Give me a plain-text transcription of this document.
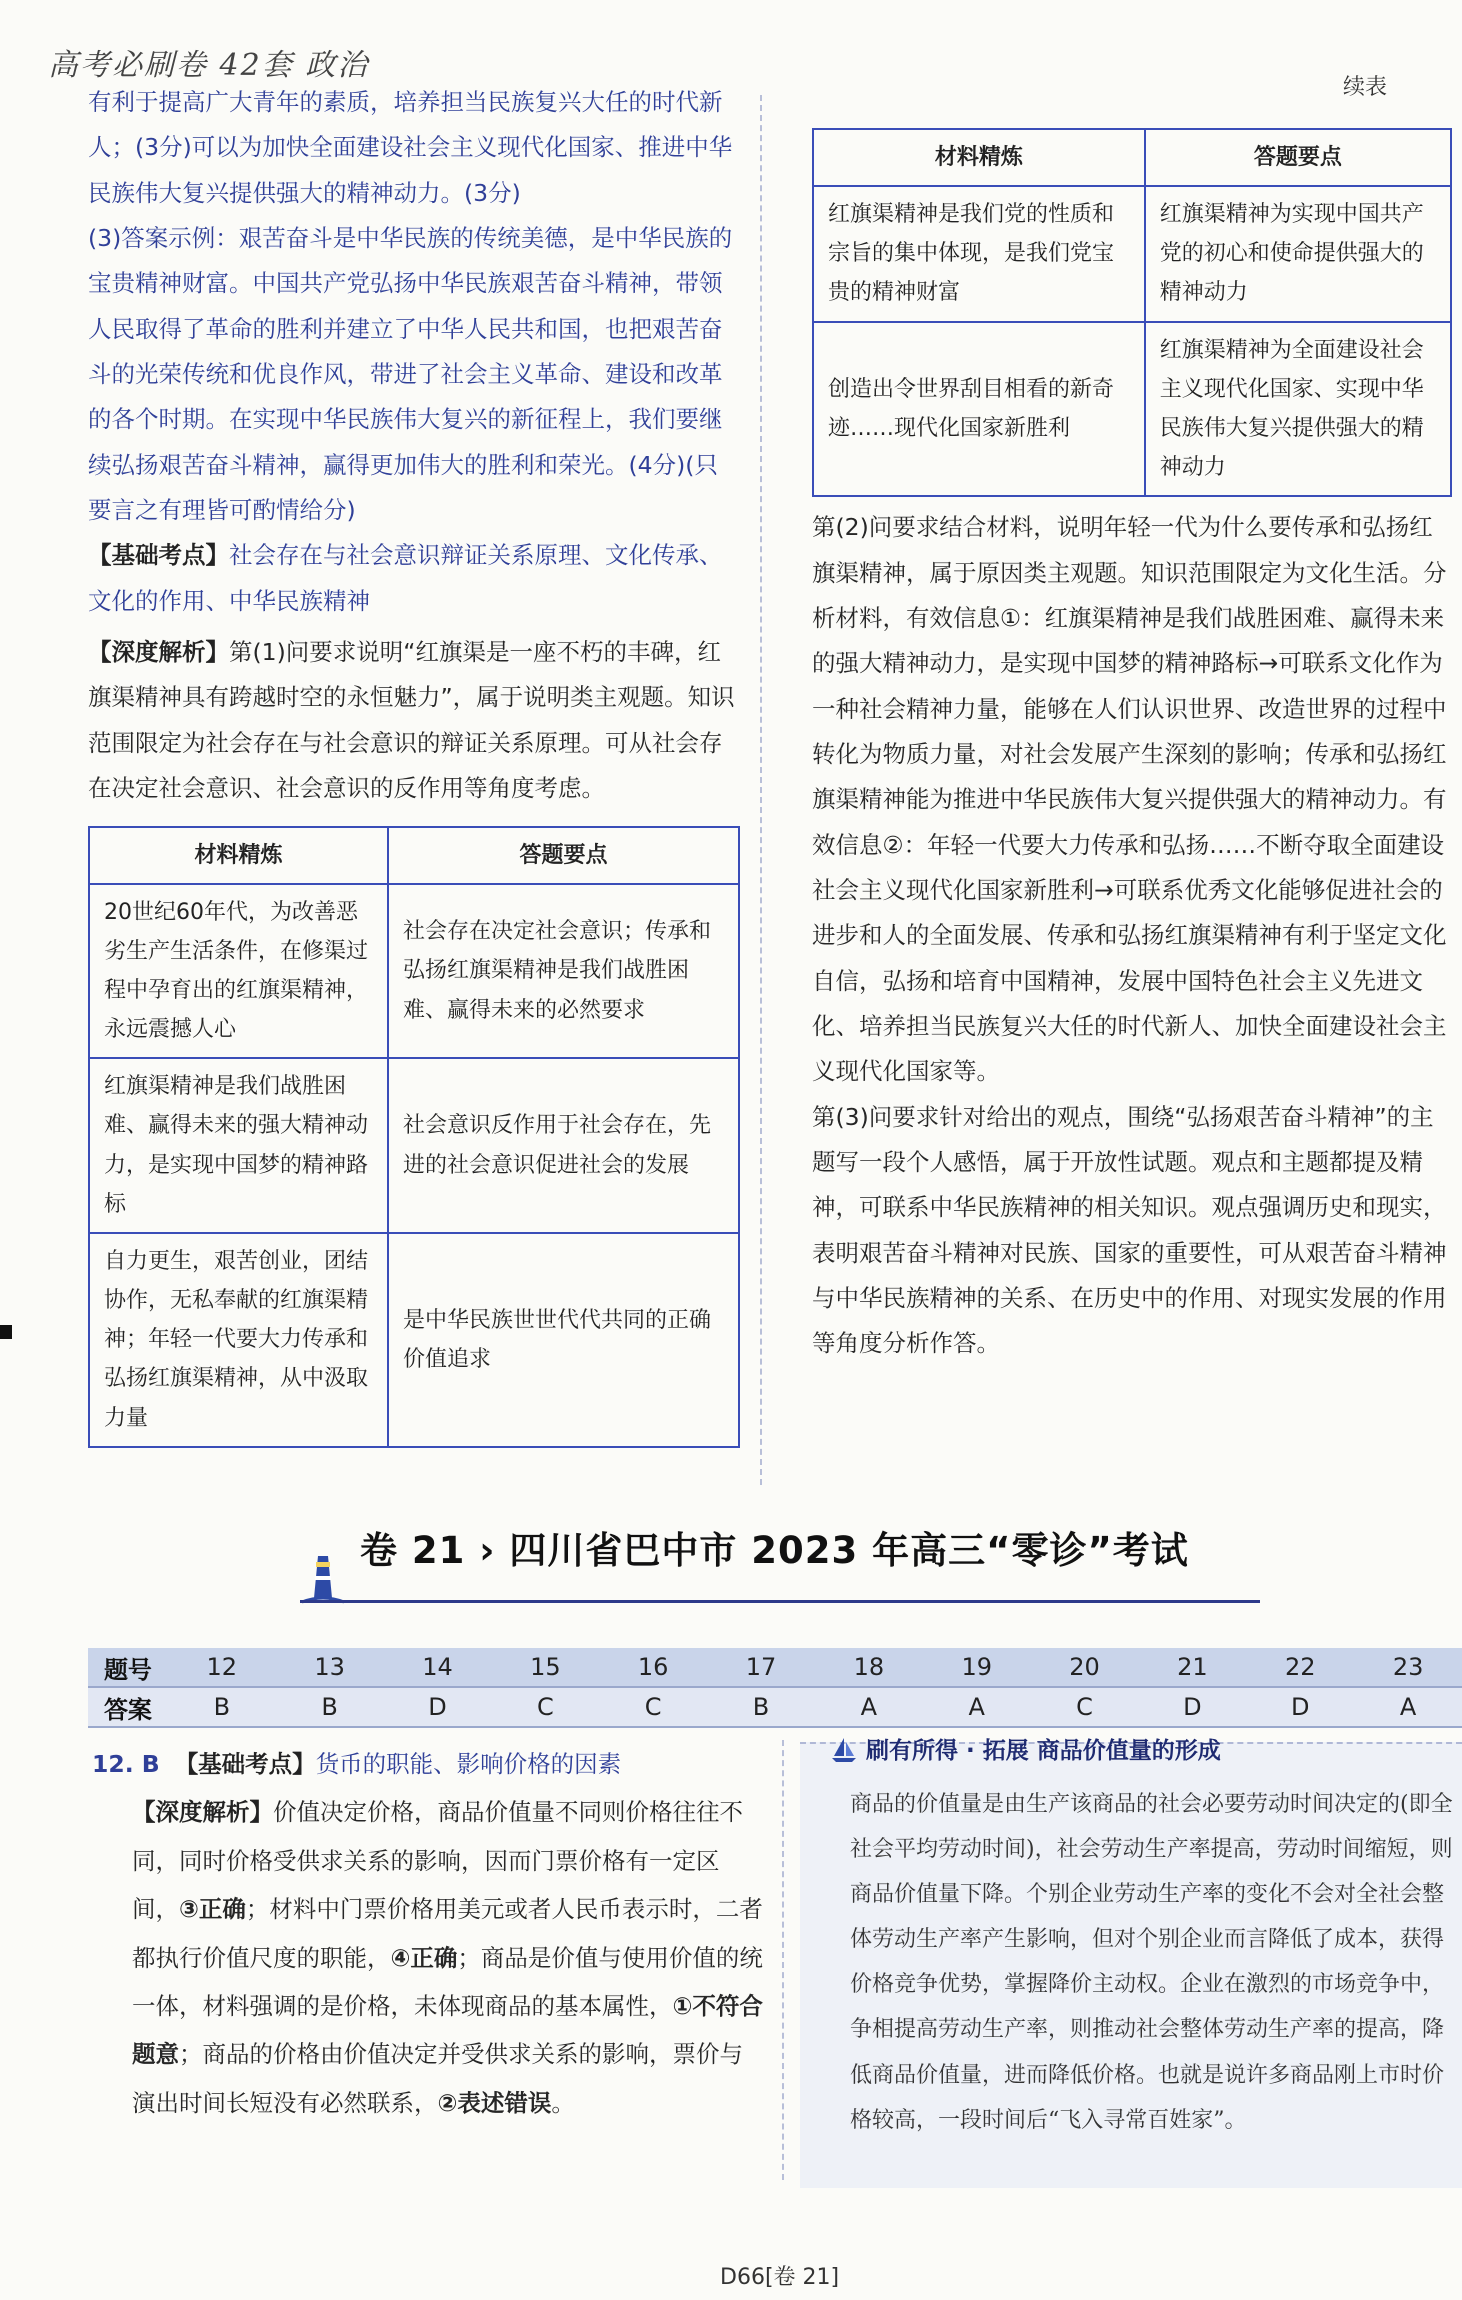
高考必刷卷 42套 政治
续表

有利于提高广大青年的素质，培养担当民族复兴大任的时代新人；(3分)可以为加快全面建设社会主义现代化国家、推进中华民族伟大复兴提供强大的精神动力。(3分)

(3)答案示例：艰苦奋斗是中华民族的传统美德，是中华民族的宝贵精神财富。中国共产党弘扬中华民族艰苦奋斗精神，带领人民取得了革命的胜利并建立了中华人民共和国，也把艰苦奋斗的光荣传统和优良作风，带进了社会主义革命、建设和改革的各个时期。在实现中华民族伟大复兴的新征程上，我们要继续弘扬艰苦奋斗精神，赢得更加伟大的胜利和荣光。(4分)(只要言之有理皆可酌情给分)

【基础考点】社会存在与社会意识辩证关系原理、文化传承、文化的作用、中华民族精神

【深度解析】第(1)问要求说明“红旗渠是一座不朽的丰碑，红旗渠精神具有跨越时空的永恒魅力”，属于说明类主观题。知识范围限定为社会存在与社会意识的辩证关系原理。可从社会存在决定社会意识、社会意识的反作用等角度考虑。

材料精炼	答题要点
20世纪60年代，为改善恶劣生产生活条件，在修渠过程中孕育出的红旗渠精神，永远震撼人心	社会存在决定社会意识；传承和弘扬红旗渠精神是我们战胜困难、赢得未来的必然要求
红旗渠精神是我们战胜困难、赢得未来的强大精神动力，是实现中国梦的精神路标	社会意识反作用于社会存在，先进的社会意识促进社会的发展
自力更生，艰苦创业，团结协作，无私奉献的红旗渠精神；年轻一代要大力传承和弘扬红旗渠精神，从中汲取力量	是中华民族世世代代共同的正确价值追求
材料精炼	答题要点
红旗渠精神是我们党的性质和宗旨的集中体现，是我们党宝贵的精神财富	红旗渠精神为实现中国共产党的初心和使命提供强大的精神动力
创造出令世界刮目相看的新奇迹……现代化国家新胜利	红旗渠精神为全面建设社会主义现代化国家、实现中华民族伟大复兴提供强大的精神动力

第(2)问要求结合材料，说明年轻一代为什么要传承和弘扬红旗渠精神，属于原因类主观题。知识范围限定为文化生活。分析材料，有效信息①：红旗渠精神是我们战胜困难、赢得未来的强大精神动力，是实现中国梦的精神路标→可联系文化作为一种社会精神力量，能够在人们认识世界、改造世界的过程中转化为物质力量，对社会发展产生深刻的影响；传承和弘扬红旗渠精神能为推进中华民族伟大复兴提供强大的精神动力。有效信息②：年轻一代要大力传承和弘扬……不断夺取全面建设社会主义现代化国家新胜利→可联系优秀文化能够促进社会的进步和人的全面发展、传承和弘扬红旗渠精神有利于坚定文化自信，弘扬和培育中国精神，发展中国特色社会主义先进文化、培养担当民族复兴大任的时代新人、加快全面建设社会主义现代化国家等。

第(3)问要求针对给出的观点，围绕“弘扬艰苦奋斗精神”的主题写一段个人感悟，属于开放性试题。观点和主题都提及精神，可联系中华民族精神的相关知识。观点强调历史和现实，表明艰苦奋斗精神对民族、国家的重要性，可从艰苦奋斗精神与中华民族精神的关系、在历史中的作用、对现实发展的作用等角度分析作答。

卷 21 › 四川省巴中市 2023 年高三“零诊”考试
题号	12	13	14	15	16	17	18	19	20	21	22	23
答案	B	B	D	C	C	B	A	A	C	D	D	A

12. B 【基础考点】货币的职能、影响价格的因素

【深度解析】价值决定价格，商品价值量不同则价格往往不同，同时价格受供求关系的影响，因而门票价格有一定区间，③正确；材料中门票价格用美元或者人民币表示时，二者都执行价值尺度的职能，④正确；商品是价值与使用价值的统一体，材料强调的是价格，未体现商品的基本属性，①不符合题意；商品的价格由价值决定并受供求关系的影响，票价与演出时间长短没有必然联系，②表述错误。

刷有所得 · 拓展 商品价值量的形成
商品的价值量是由生产该商品的社会必要劳动时间决定的(即全社会平均劳动时间)，社会劳动生产率提高，劳动时间缩短，则商品价值量下降。个别企业劳动生产率的变化不会对全社会整体劳动生产率产生影响，但对个别企业而言降低了成本，获得价格竞争优势，掌握降价主动权。企业在激烈的市场竞争中，争相提高劳动生产率，则推动社会整体劳动生产率的提高，降低商品价值量，进而降低价格。也就是说许多商品刚上市时价格较高，一段时间后“飞入寻常百姓家”。
D66[卷 21]
